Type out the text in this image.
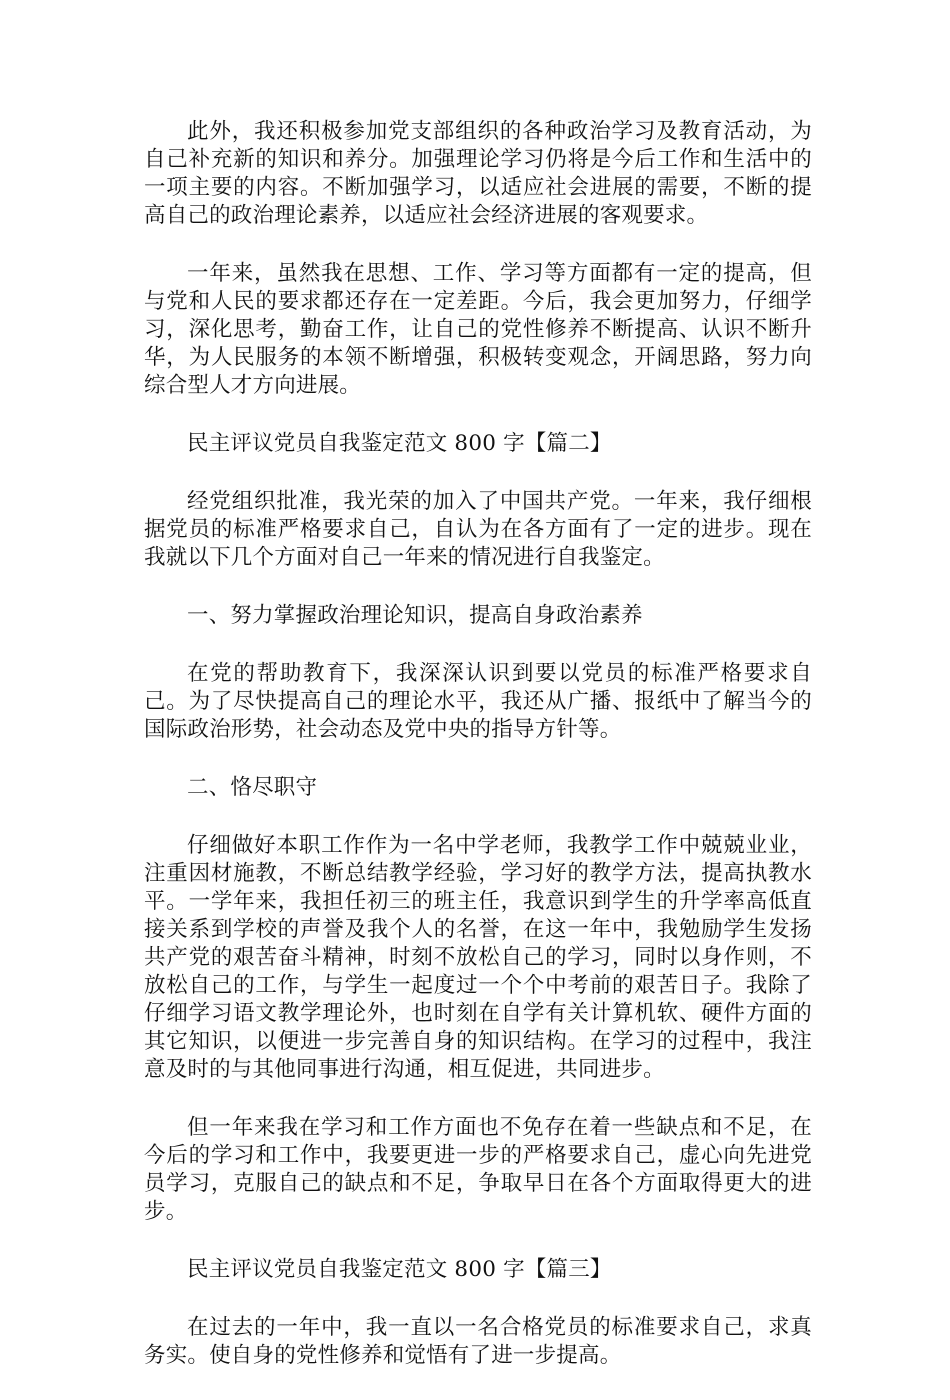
此外，我还积极参加党支部组织的各种政治学习及教育活动，为自己补充新的知识和养分。加强理论学习仍将是今后工作和生活中的一项主要的内容。不断加强学习，以适应社会进展的需要，不断的提高自己的政治理论素养，以适应社会经济进展的客观要求。

一年来，虽然我在思想、工作、学习等方面都有一定的提高，但与党和人民的要求都还存在一定差距。今后，我会更加努力，仔细学习，深化思考，勤奋工作，让自己的党性修养不断提高、认识不断升华，为人民服务的本领不断增强，积极转变观念，开阔思路，努力向综合型人才方向进展。

民主评议党员自我鉴定范文 800 字【篇二】

经党组织批准，我光荣的加入了中国共产党。一年来，我仔细根据党员的标准严格要求自己，自认为在各方面有了一定的进步。现在我就以下几个方面对自己一年来的情况进行自我鉴定。

一、努力掌握政治理论知识，提高自身政治素养

在党的帮助教育下，我深深认识到要以党员的标准严格要求自己。为了尽快提高自己的理论水平，我还从广播、报纸中了解当今的国际政治形势，社会动态及党中央的指导方针等。

二、恪尽职守

仔细做好本职工作作为一名中学老师，我教学工作中兢兢业业，注重因材施教，不断总结教学经验，学习好的教学方法，提高执教水平。一学年来，我担任初三的班主任，我意识到学生的升学率高低直接关系到学校的声誉及我个人的名誉，在这一年中，我勉励学生发扬共产党的艰苦奋斗精神，时刻不放松自己的学习，同时以身作则，不放松自己的工作，与学生一起度过一个个中考前的艰苦日子。我除了仔细学习语文教学理论外，也时刻在自学有关计算机软、硬件方面的其它知识，以便进一步完善自身的知识结构。在学习的过程中，我注意及时的与其他同事进行沟通，相互促进，共同进步。

但一年来我在学习和工作方面也不免存在着一些缺点和不足，在今后的学习和工作中，我要更进一步的严格要求自己，虚心向先进党员学习，克服自己的缺点和不足，争取早日在各个方面取得更大的进步。

民主评议党员自我鉴定范文 800 字【篇三】

在过去的一年中，我一直以一名合格党员的标准要求自己，求真务实。使自身的党性修养和觉悟有了进一步提高。
